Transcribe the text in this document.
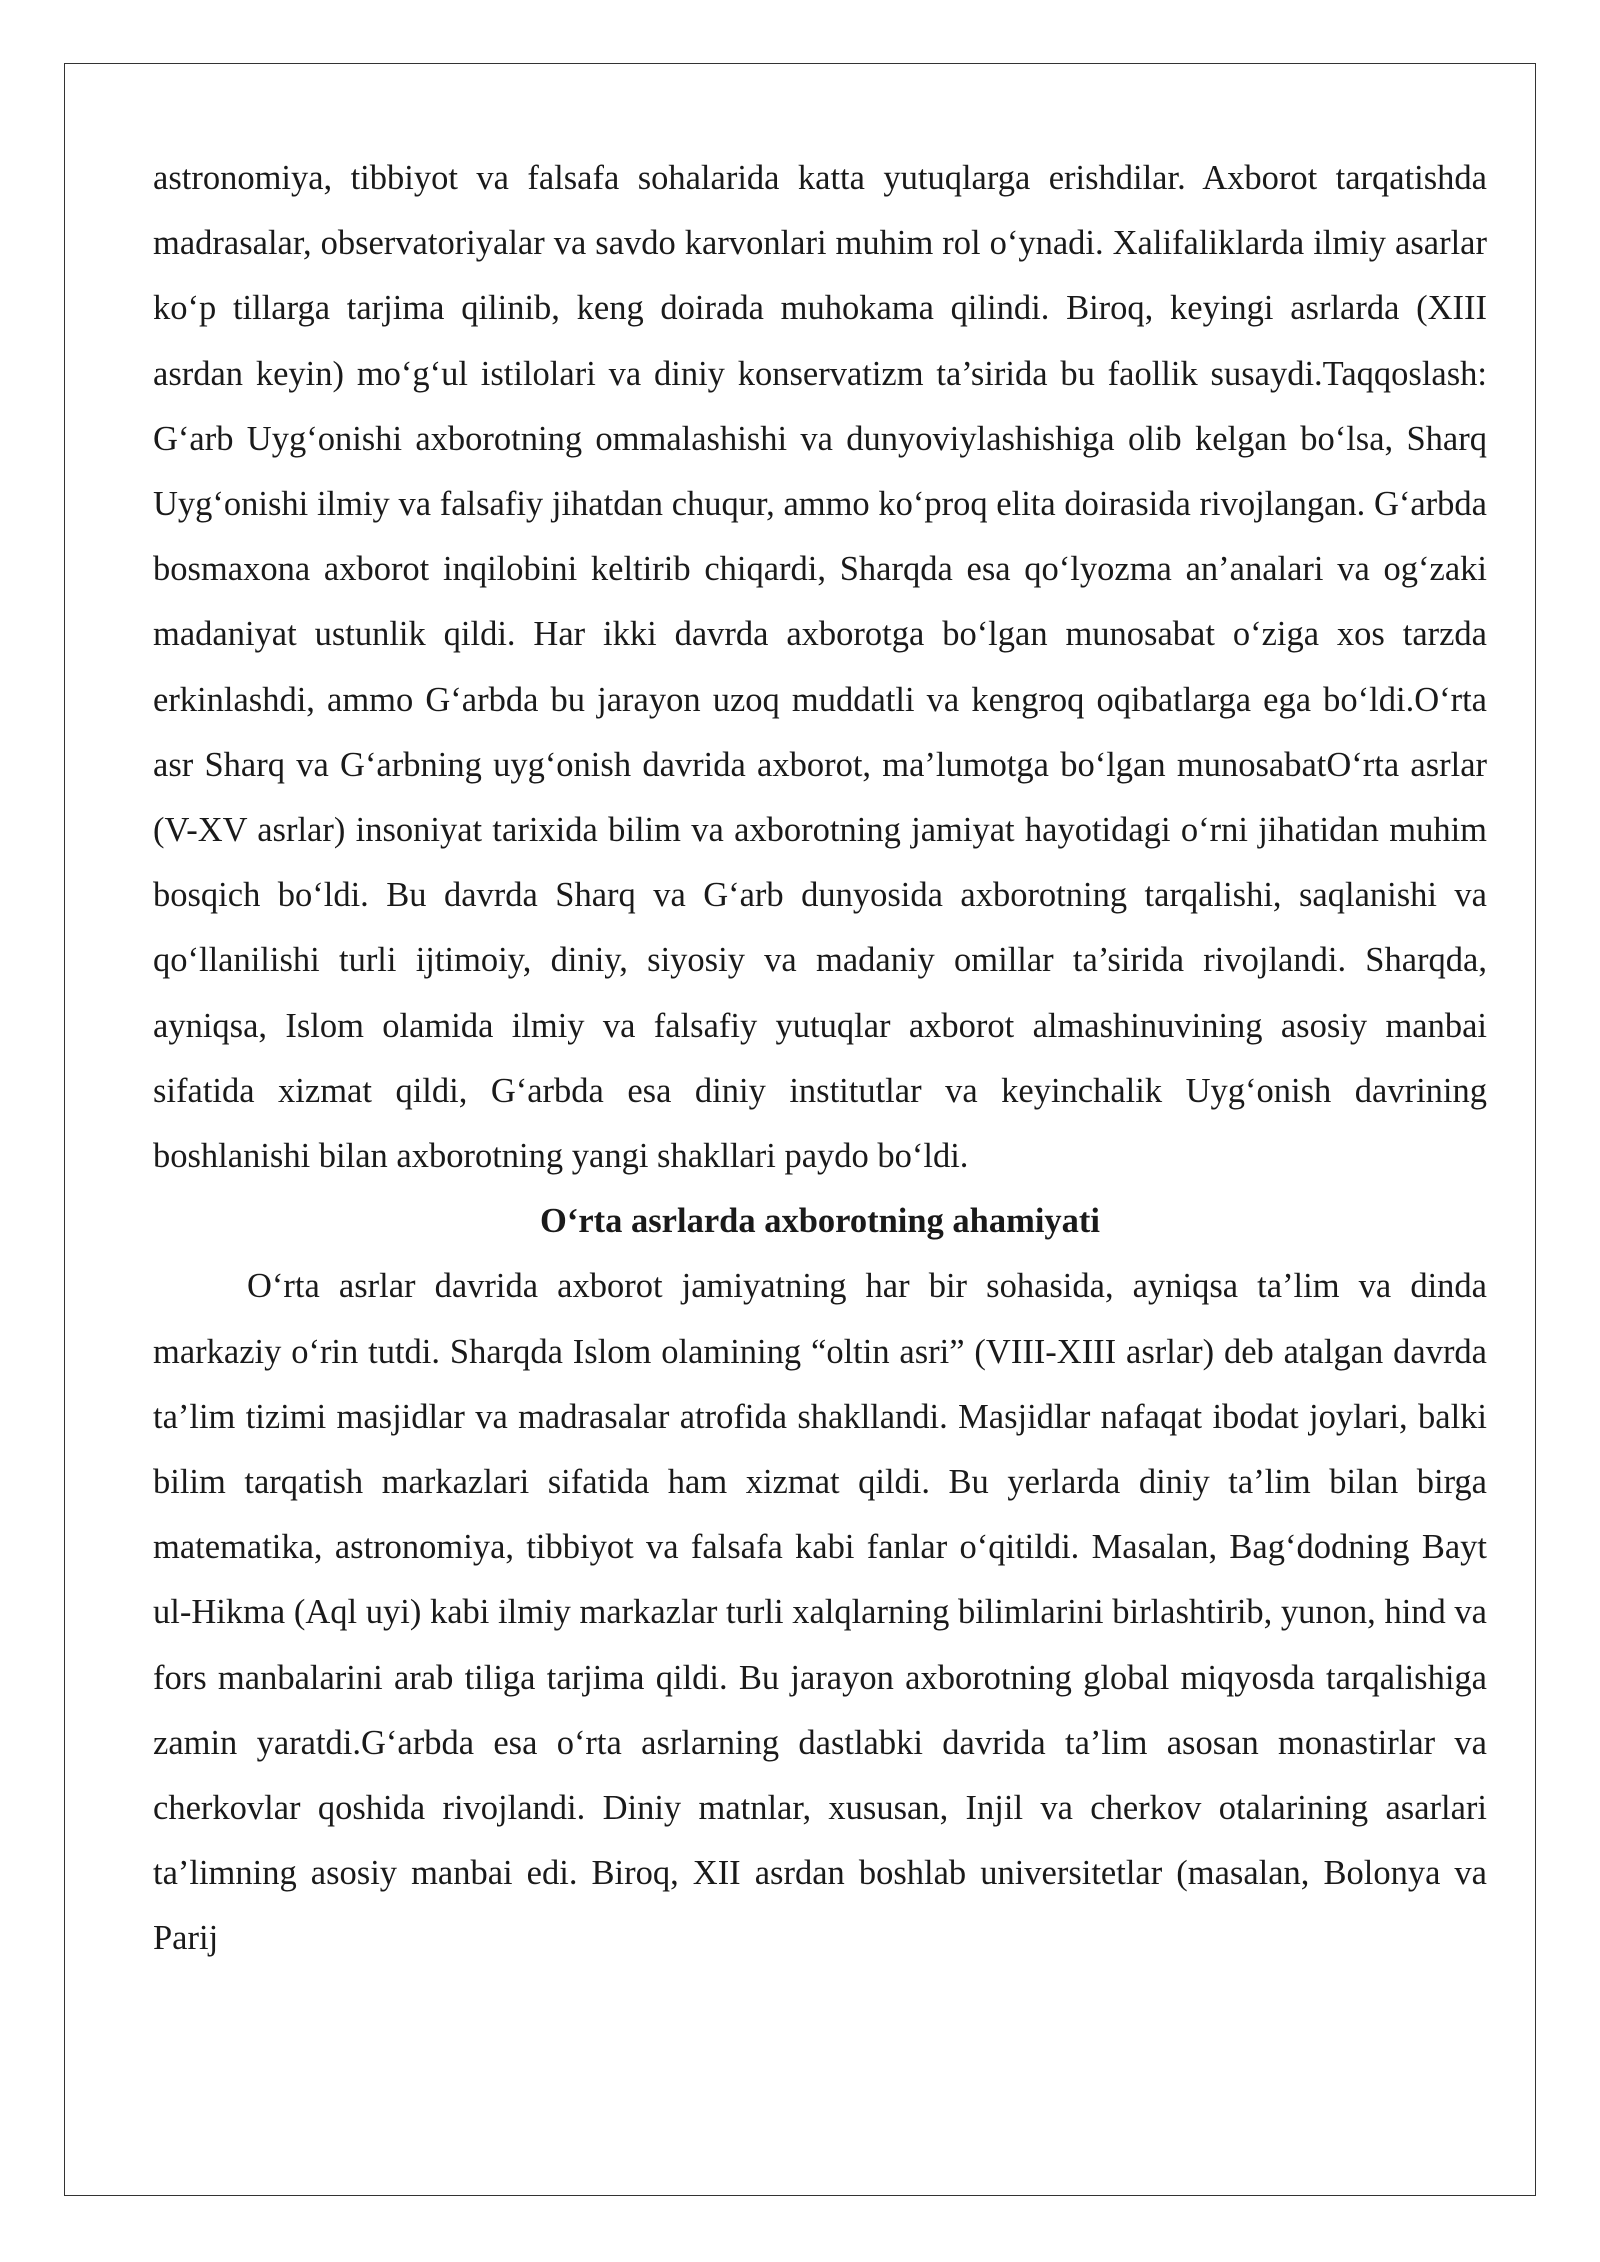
astronomiya, tibbiyot va falsafa sohalarida katta yutuqlarga erishdilar. Axborot tarqatishda madrasalar, observatoriyalar va savdo karvonlari muhim rol o‘ynadi. Xalifaliklarda ilmiy asarlar ko‘p tillarga tarjima qilinib, keng doirada muhokama qilindi. Biroq, keyingi asrlarda (XIII asrdan keyin) mo‘g‘ul istilolari va diniy konservatizm ta’sirida bu faollik susaydi.Taqqoslash: G‘arb Uyg‘onishi axborotning ommalashishi va dunyoviylashishiga olib kelgan bo‘lsa, Sharq Uyg‘onishi ilmiy va falsafiy jihatdan chuqur, ammo ko‘proq elita doirasida rivojlangan. G‘arbda bosmaxona axborot inqilobini keltirib chiqardi, Sharqda esa qo‘lyozma an’analari va og‘zaki madaniyat ustunlik qildi. Har ikki davrda axborotga bo‘lgan munosabat o‘ziga xos tarzda erkinlashdi, ammo G‘arbda bu jarayon uzoq muddatli va kengroq oqibatlarga ega bo‘ldi.O‘rta asr Sharq va G‘arbning uyg‘onish davrida axborot, ma’lumotga bo‘lgan munosabatO‘rta asrlar (V-XV asrlar) insoniyat tarixida bilim va axborotning jamiyat hayotidagi o‘rni jihatidan muhim bosqich bo‘ldi. Bu davrda Sharq va G‘arb dunyosida axborotning tarqalishi, saqlanishi va qo‘llanilishi turli ijtimoiy, diniy, siyosiy va madaniy omillar ta’sirida rivojlandi. Sharqda, ayniqsa, Islom olamida ilmiy va falsafiy yutuqlar axborot almashinuvining asosiy manbai sifatida xizmat qildi, G‘arbda esa diniy institutlar va keyinchalik Uyg‘onish davrining boshlanishi bilan axborotning yangi shakllari paydo bo‘ldi.

O‘rta asrlarda axborotning ahamiyati

O‘rta asrlar davrida axborot jamiyatning har bir sohasida, ayniqsa ta’lim va dinda markaziy o‘rin tutdi. Sharqda Islom olamining “oltin asri” (VIII-XIII asrlar) deb atalgan davrda ta’lim tizimi masjidlar va madrasalar atrofida shakllandi. Masjidlar nafaqat ibodat joylari, balki bilim tarqatish markazlari sifatida ham xizmat qildi. Bu yerlarda diniy ta’lim bilan birga matematika, astronomiya, tibbiyot va falsafa kabi fanlar o‘qitildi. Masalan, Bag‘dodning Bayt ul-Hikma (Aql uyi) kabi ilmiy markazlar turli xalqlarning bilimlarini birlashtirib, yunon, hind va fors manbalarini arab tiliga tarjima qildi. Bu jarayon axborotning global miqyosda tarqalishiga zamin yaratdi.G‘arbda esa o‘rta asrlarning dastlabki davrida ta’lim asosan monastirlar va cherkovlar qoshida rivojlandi. Diniy matnlar, xususan, Injil va cherkov otalarining asarlari ta’limning asosiy manbai edi. Biroq, XII asrdan boshlab universitetlar (masalan, Bolonya va Parij
